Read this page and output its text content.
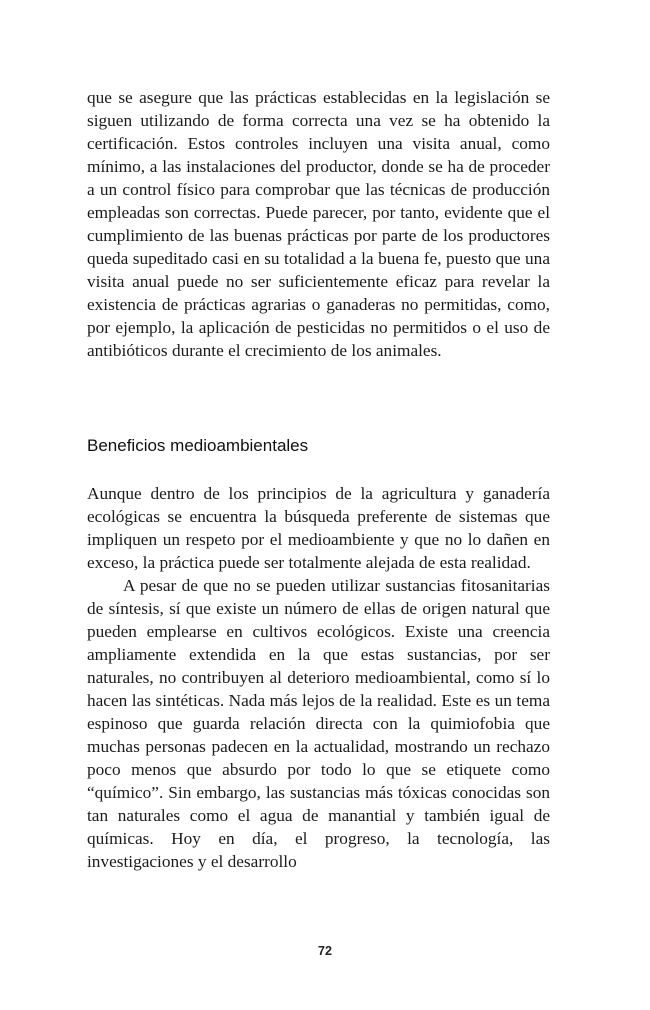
que se asegure que las prácticas establecidas en la legislación se siguen utilizando de forma correcta una vez se ha obtenido la certificación. Estos controles incluyen una visita anual, como mínimo, a las instalaciones del productor, donde se ha de proceder a un control físico para comprobar que las técnicas de producción empleadas son correctas. Puede parecer, por tanto, evidente que el cumplimiento de las buenas prácticas por parte de los productores queda supeditado casi en su totalidad a la buena fe, puesto que una visita anual puede no ser suficientemente eficaz para revelar la existencia de prácticas agrarias o ganaderas no permitidas, como, por ejemplo, la aplicación de pesticidas no permitidos o el uso de antibióticos durante el crecimiento de los animales.

Beneficios medioambientales

Aunque dentro de los principios de la agricultura y ganadería ecológicas se encuentra la búsqueda preferente de sistemas que impliquen un respeto por el medioambiente y que no lo dañen en exceso, la práctica puede ser totalmente alejada de esta realidad.

A pesar de que no se pueden utilizar sustancias fitosanitarias de síntesis, sí que existe un número de ellas de origen natural que pueden emplearse en cultivos ecológicos. Existe una creencia ampliamente extendida en la que estas sustancias, por ser naturales, no contribuyen al deterioro medioambiental, como sí lo hacen las sintéticas. Nada más lejos de la realidad. Este es un tema espinoso que guarda relación directa con la quimiofobia que muchas personas padecen en la actualidad, mostrando un rechazo poco menos que absurdo por todo lo que se etiquete como “químico”. Sin embargo, las sustancias más tóxicas conocidas son tan naturales como el agua de manantial y también igual de químicas. Hoy en día, el progreso, la tecnología, las investigaciones y el desarrollo

72
